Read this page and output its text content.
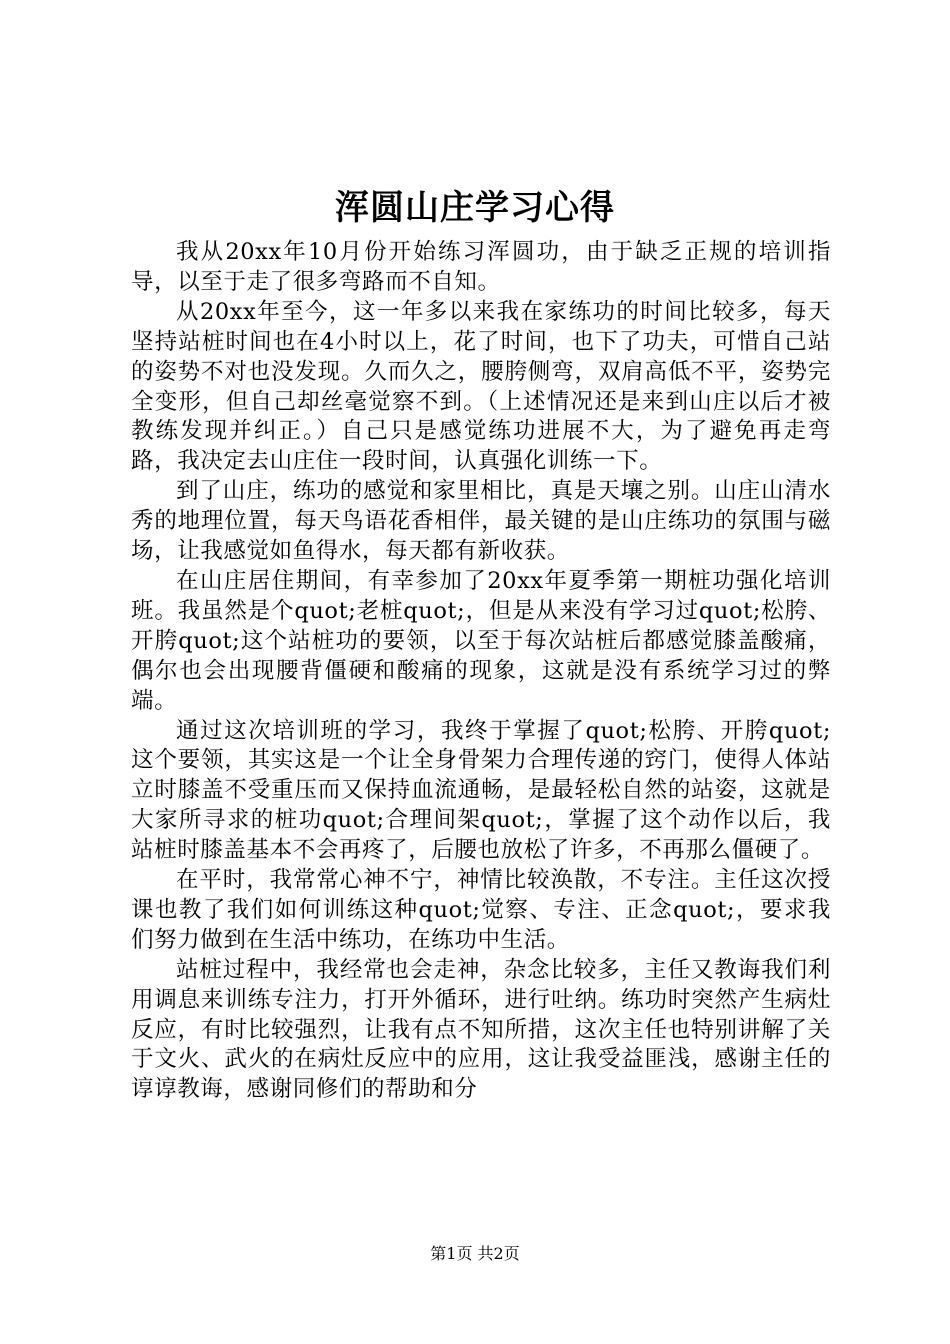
浑圆山庄学习心得

我从20xx年10月份开始练习浑圆功，由于缺乏正规的培训指导，以至于走了很多弯路而不自知。

从20xx年至今，这一年多以来我在家练功的时间比较多，每天坚持站桩时间也在4小时以上，花了时间，也下了功夫，可惜自己站的姿势不对也没发现。久而久之，腰胯侧弯，双肩高低不平，姿势完全变形，但自己却丝毫觉察不到。（上述情况还是来到山庄以后才被教练发现并纠正。）自己只是感觉练功进展不大，为了避免再走弯路，我决定去山庄住一段时间，认真强化训练一下。

到了山庄，练功的感觉和家里相比，真是天壤之别。山庄山清水秀的地理位置，每天鸟语花香相伴，最关键的是山庄练功的氛围与磁场，让我感觉如鱼得水，每天都有新收获。

在山庄居住期间，有幸参加了20xx年夏季第一期桩功强化培训班。我虽然是个quot;老桩quot;，但是从来没有学习过quot;松胯、开胯quot;这个站桩功的要领，以至于每次站桩后都感觉膝盖酸痛，偶尔也会出现腰背僵硬和酸痛的现象，这就是没有系统学习过的弊端。

通过这次培训班的学习，我终于掌握了quot;松胯、开胯quot;这个要领，其实这是一个让全身骨架力合理传递的窍门，使得人体站立时膝盖不受重压而又保持血流通畅，是最轻松自然的站姿，这就是大家所寻求的桩功quot;合理间架quot;，掌握了这个动作以后，我站桩时膝盖基本不会再疼了，后腰也放松了许多，不再那么僵硬了。

在平时，我常常心神不宁，神情比较涣散，不专注。主任这次授课也教了我们如何训练这种quot;觉察、专注、正念quot;，要求我们努力做到在生活中练功，在练功中生活。

站桩过程中，我经常也会走神，杂念比较多，主任又教诲我们利用调息来训练专注力，打开外循环，进行吐纳。练功时突然产生病灶反应，有时比较强烈，让我有点不知所措，这次主任也特别讲解了关于文火、武火的在病灶反应中的应用，这让我受益匪浅，感谢主任的谆谆教诲，感谢同修们的帮助和分

第1页 共2页
